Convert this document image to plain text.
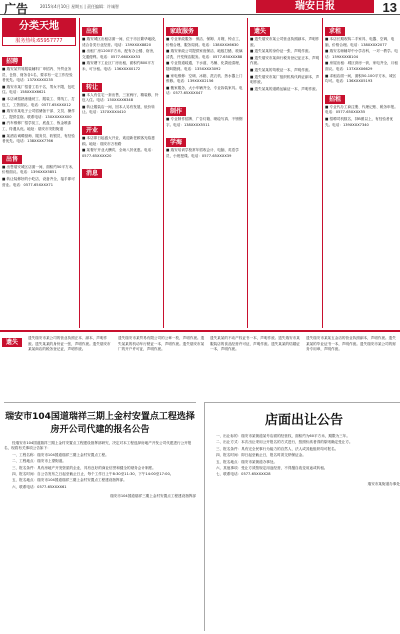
广告	2015年4月10日 星期五 | 责任编辑：许诚智	瑞安日报	13
分类天地
服务热线:65957777
招聘

■ 瑞安某贸易服装辅料厂申招内、外贸业务员、仓管、财务各1名，要求有一定工作经验者优先。电话：137XXXX0235

■ 瑞安市某厂招普工若干名，男女不限，包吃住。电话：158XXXX6621

■ 本店诚招熟练缝纫工、服装工、剪线工、打包工，工资面议。电话：0577-65XXXX12

■ 瑞安市某电子公司招储备干部、文员、操作工，提供住宿。联系电话：13XXXXXXX00

■ 汽车维修厂招学徒工，底盘工、钣金喷漆工，待遇从优。地址：瑞安市安阳街道

■ 某酒店诚聘厨师、服务员、收银员，有经验者优先。电话：138XXXX7766

出售

■ 出售瑞安城区店面一间，面积约50平方米，价格面议。电话：139XXXX5851

■ 转让装修好的小吃店，设备齐全，接手即可营业。电话：0577-65XXXX71

出租

■ 瑞安城区出租店面一间，位于市区繁华地段，适合各类行业经营。电话：139XXXX8820

■ 出租厂房1200平方米，配有办公楼、宿舍，交通便利。电话：0577-66XXXX53

■ 瑞安塘下工业区厂房出租，面积约800平方米，可分租。电话：136XXXX0172

转让

■ 本人有住宅一套出售，三室两厅，精装修，拎包入住。电话：150XXXX6348

■ 转让服装店一间，因本人另有发展，低价转让。电话：137XXXX4410

开业

■ 本店即日起盛大开业，欢迎新老顾客光临惠顾。地址：瑞安市万松路

■ 某餐厅开业大酬宾，全场八折优惠。电话：0577-65XXXX20

消息
家政服务

■ 专业家政服务：保洁、保姆、月嫂、钟点工，价格合理，服务周到。电话：138XXXX6630

■ 瑞安家政公司提供家庭保洁、地板打蜡、玻璃清洗、开荒保洁服务。电话：0577-65XXXX88

■ 专业管道疏通，下水道、马桶、化粪池清理，随叫随到。电话：135XXXX3092

■ 家电维修：空调、冰箱、洗衣机、热水器上门维修。电话：139XXXX2156

■ 搬家服务，大小车辆齐全，专业拆装家具。电话：0577-65XXXX47

制作

■ 专业制作招牌、广告灯箱、喷绘写真、不锈钢字。电话：138XXXX5511

学海

■ 瑞安培训学校常年招收会计、电脑、英语学员，小班授课。电话：0577-65XXXX39

遗失

■ 遗失瑞安市某公司营业执照副本，声明作废。

■ 遗失某某的身份证一张，声明作废。

■ 遗失瑞安市某商行税务登记证正本，声明作废。

■ 遗失某某的驾驶证一本，声明作废。

■ 遗失瑞安市某厂组织机构代码证副本，声明作废。

■ 遗失某某的道路运输证一本，声明作废。

求租

■ 本店长期收购二手家具、电器、空调、电脑，价格合理。电话：138XXXX2077

■ 瑞安名师辅导中小学各科，一对一教学。电话：159XXXX8104

■ 房屋出租：城区套房一套，家电齐全，月租面议。电话：137XXXX6629

■ 求租店面一间，面积50-100平方米，城区均可。电话：136XXXX5193

招租

■ 专业代办工商注册、代理记账、税务申报。电话：0577-65XXXX55

■ 招聘司机数名，持B照以上，有经验者优先。电话：139XXXX7340

遗失

遗失瑞安市某公司的营业执照正本、副本，声明作废。遗失某某的身份证一张，声明作废。遗失瑞安市某某商店的税务登记证，声明作废。

遗失瑞安市某贸易有限公司的公章一枚，声明作废。遗失某某的机动车行驶证一本，声明作废。遗失瑞安市某厂的开户许可证，声明作废。

遗失某某的不动产权证书一本，声明作废。遗失瑞安市某服装店的食品经营许可证，声明作废。遗失某某的结婚证一本，声明作废。

遗失瑞安市某某五金店的营业执照副本，声明作废。遗失某某的毕业证书一本，声明作废。遗失瑞安市某公司的财务专用章，声明作废。

瑞安市104国道瑞祥三期上金村安置点工程选择房开公司代建的报名公告

经瑞安市104国道瑞祥三期上金村安置点工程建设指挥部研究，决定对本工程选择房地产开发公司代建进行公开报名，现将有关事项公告如下：

一、工程名称：瑞安市104国道瑞祥三期上金村安置点工程。

二、工程地点：瑞安市上望街道。

三、报名条件：具有房地产开发资质的企业，具有良好的商业信誉和健全的财务会计制度。

四、报名时间：自公告发布之日起至截止日止，每个工作日上午8:30至11:30，下午14:00至17:00。

五、报名地点：瑞安市104国道瑞祥三期上金村安置点工程建设指挥部。

六、联系电话：0577-65XXXX61

瑞安市104国道瑞祥三期上金村安置点工程建设指挥部
店面出让公告

一、出让标的：瑞安市某街道某号店面的经营权，面积约为60平方米，期限为三年。

二、出让方式：本次出让采用公开报名的方式进行，按照价高者得的原则确定受让方。

三、报名条件：具有完全民事行为能力的自然人、法人或其他组织均可报名。

四、报名时间：即日起至截止日，报名时须交纳保证金。

五、报名地点：瑞安市某街道办事处。

六、其他事项：受让方须按规定用途经营，不得擅自改变用途或转租。

七、联系电话：0577-65XXXX28

瑞安市某街道办事处
